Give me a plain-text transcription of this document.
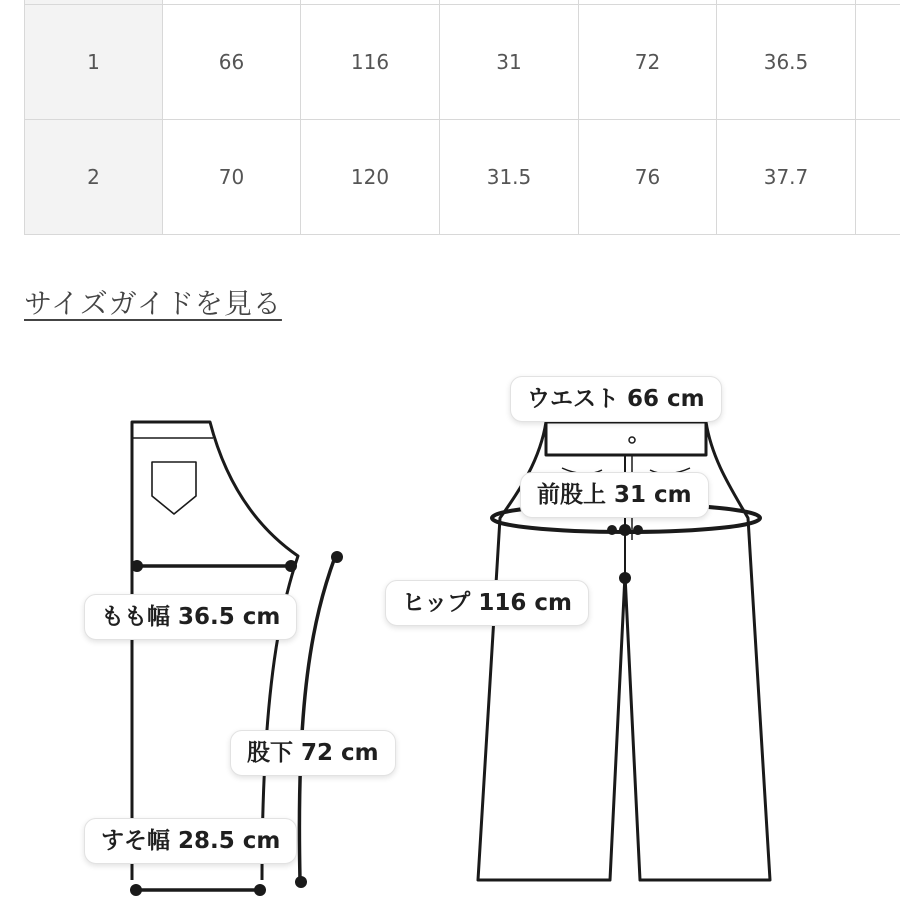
1	66	116	31	72	36.5	
2	70	120	31.5	76	37.7	
サイズガイドを見る
ウエスト 66 cm
前股上 31 cm
ヒップ 116 cm
もも幅 36.5 cm
股下 72 cm
すそ幅 28.5 cm
